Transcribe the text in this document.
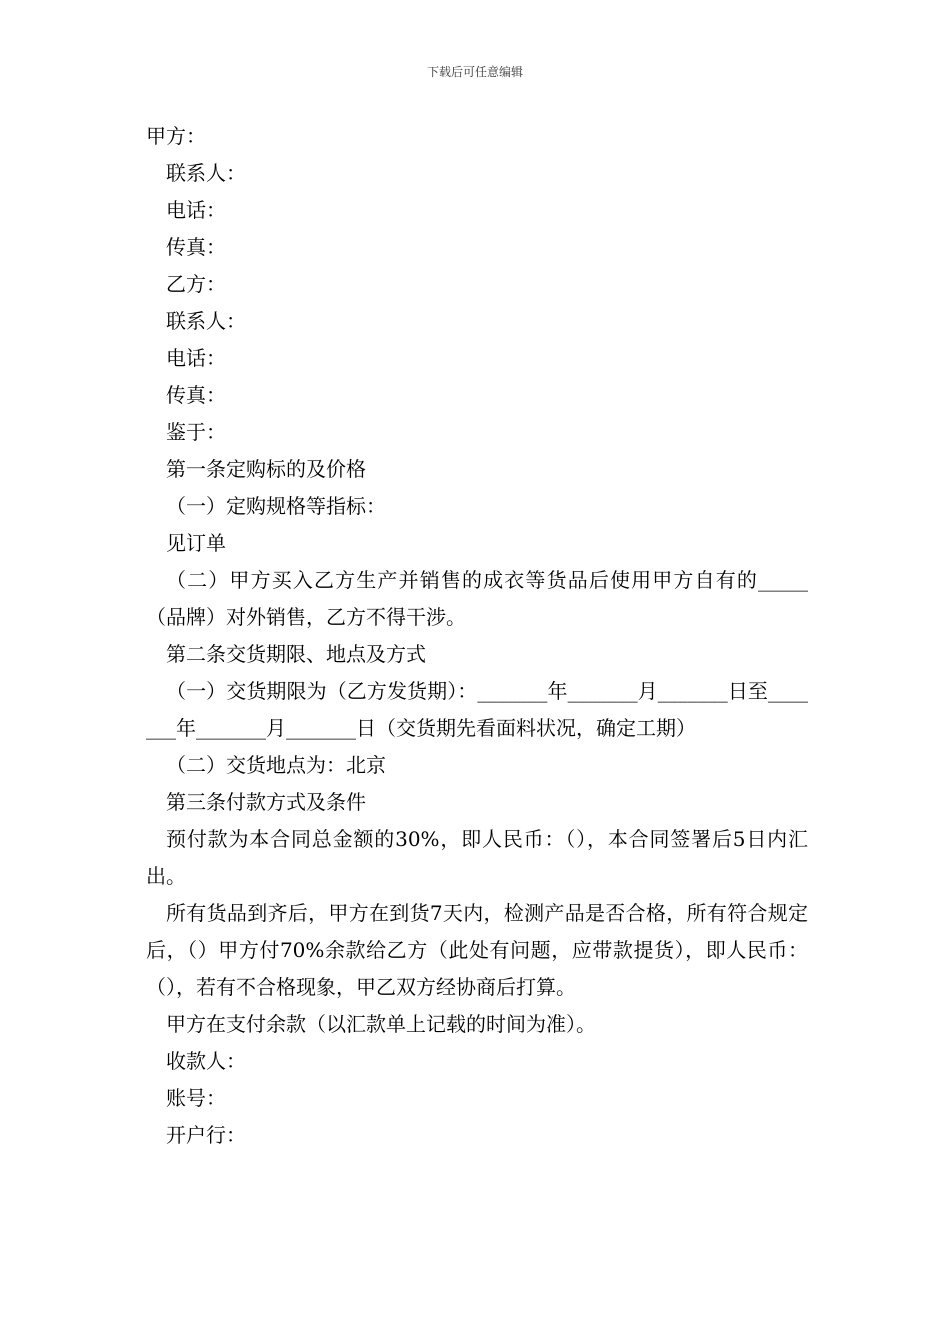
下载后可任意编辑

甲方：

联系人：

电话：

传真：

乙方：

联系人：

电话：

传真：

鉴于：

第一条定购标的及价格

（一）定购规格等指标：

见订单

（二）甲方买入乙方生产并销售的成衣等货品后使用甲方自有的_____（品牌）对外销售，乙方不得干涉。

第二条交货期限、地点及方式

（一）交货期限为（乙方发货期）：_______年_______月_______日至_______年_______月_______日（交货期先看面料状况，确定工期）

（二）交货地点为：北京

第三条付款方式及条件

预付款为本合同总金额的30%，即人民币：（），本合同签署后5日内汇出。

所有货品到齐后，甲方在到货7天内，检测产品是否合格，所有符合规定后，（）甲方付70%余款给乙方（此处有问题，应带款提货），即人民币：（），若有不合格现象，甲乙双方经协商后打算。

甲方在支付余款（以汇款单上记载的时间为准）。

收款人：

账号：

开户行：
